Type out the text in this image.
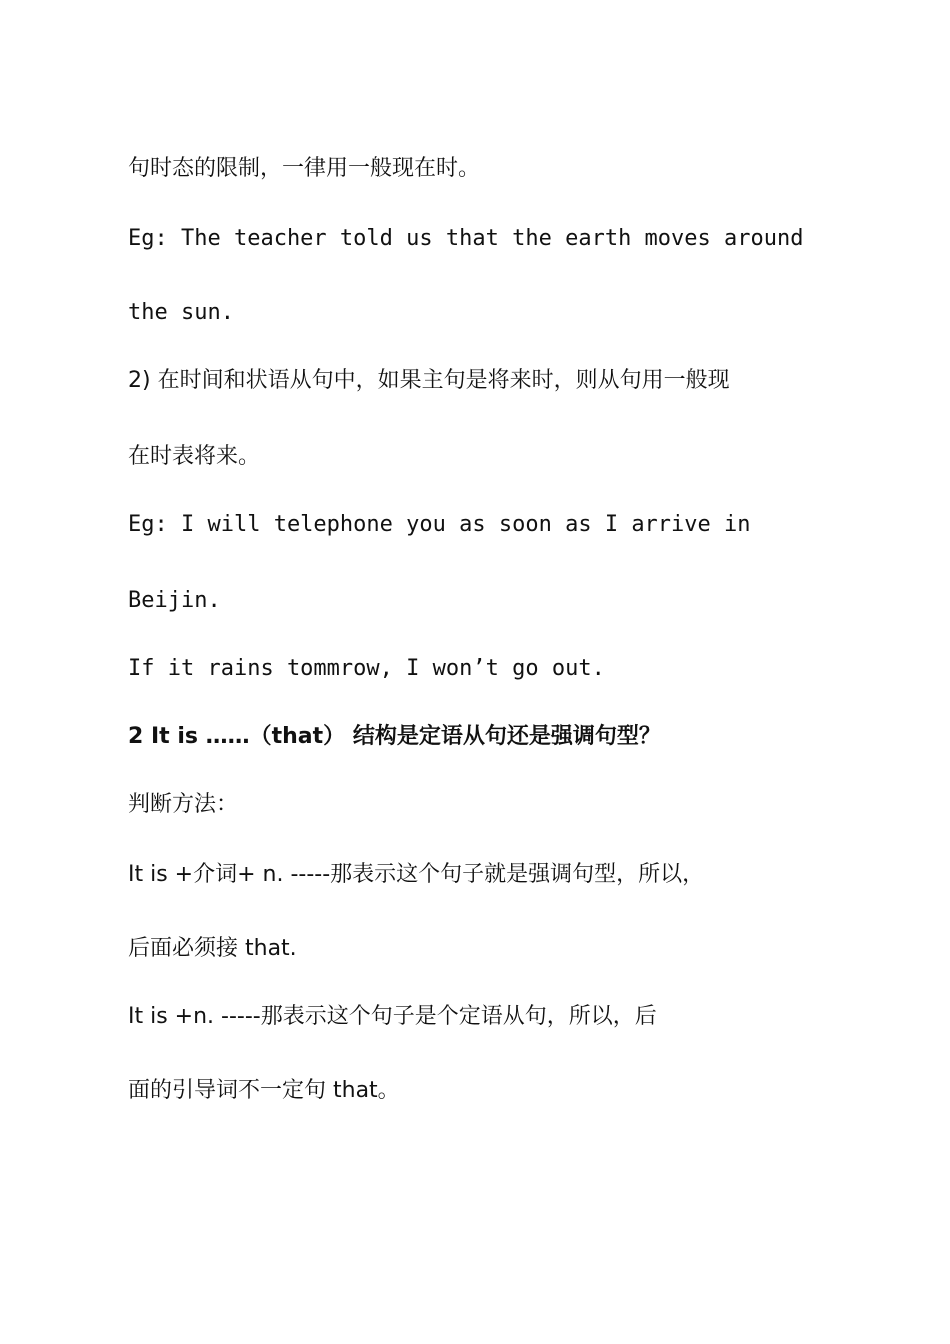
句时态的限制，一律用一般现在时。
Eg: The teacher told us that the earth moves around
the sun.
2) 在时间和状语从句中，如果主句是将来时，则从句用一般现
在时表将来。
Eg: I will telephone you as soon as I arrive in
Beijin.
If it rains tommrow, I won’t go out.
2 It is ……（that） 结构是定语从句还是强调句型？
判断方法：
It is +介词+ n. -----那表示这个句子就是强调句型，所以，
后面必须接 that.
It is +n. -----那表示这个句子是个定语从句，所以，后
面的引导词不一定句 that。
